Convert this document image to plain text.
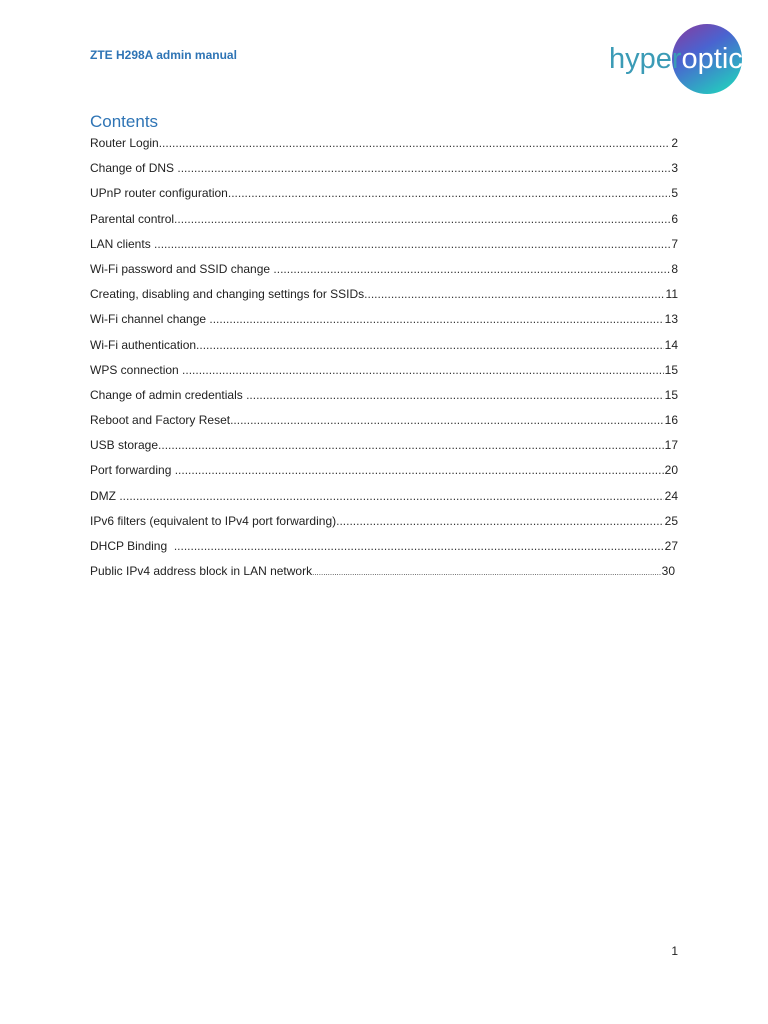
ZTE H298A admin manual	hyperoptic
Contents
Router Login .....	2
Change of DNS .....	3
UPnP router configuration .....	5
Parental control .....	6
LAN clients .....	7
Wi-Fi password and SSID change .....	8
Creating, disabling and changing settings for SSIDs .....	11
Wi-Fi channel change .....	13
Wi-Fi authentication .....	14
WPS connection .....	15
Change of admin credentials .....	15
Reboot and Factory Reset .....	16
USB storage .....	17
Port forwarding .....	20
DMZ .....	24
IPv6 filters (equivalent to IPv4 port forwarding) .....	25
DHCP Binding .....	27
Public IPv4 address block in LAN network .....	30
1
